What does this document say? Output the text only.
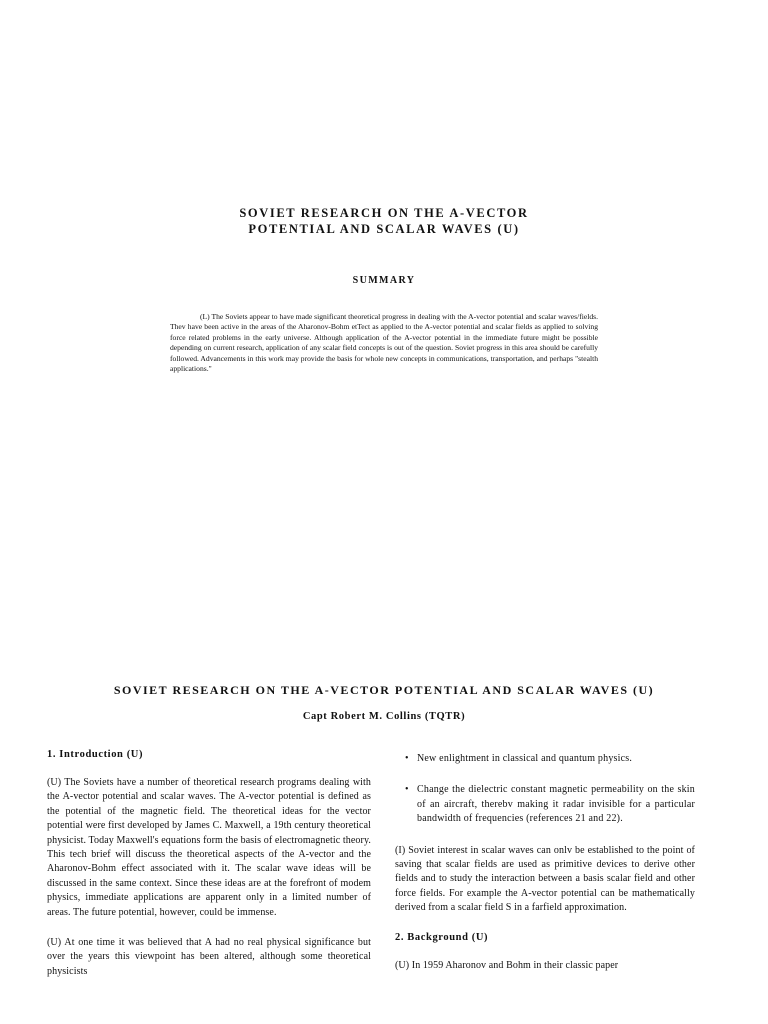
SOVIET RESEARCH ON THE A-VECTOR
POTENTIAL AND SCALAR WAVES (U)
SUMMARY

(L) The Soviets appear to have made significant theoretical progress in dealing with the A-vector potential and scalar waves/fields. Thev have been active in the areas of the Aharonov-Bohm etTect as applied to the A-vector potential and scalar fields as applied to solving force related problems in the early universe. Although application of the A-vector potential in the immediate future might be possible depending on current research, application of any scalar field concepts is out of the question. Soviet progress in this area should be carefully followed. Advancements in this work may provide the basis for whole new concepts in communications, transportation, and perhaps "stealth applications."

SOVIET RESEARCH ON THE A-VECTOR POTENTIAL AND SCALAR WAVES (U)
Capt Robert M. Collins (TQTR)
1. Introduction (U)

(U) The Soviets have a number of theoretical research programs dealing with the A-vector potential and scalar waves. The A-vector potential is defined as the potential of the magnetic field. The theoretical ideas for the vector potential were first developed by James C. Maxwell, a 19th century theoretical physicist. Today Maxwell's equations form the basis of electromagnetic theory. This tech brief will discuss the theoretical aspects of the A-vector and the Aharonov-Bohm effect associated with it. The scalar wave ideas will be discussed in the same context. Since these ideas are at the forefront of modem physics, immediate applications are apparent only in a limited number of areas. The future potential, however, could be immense.

(U) At one time it was believed that A had no real physical significance but over the years this viewpoint has been altered, although some theoretical physicists

• New enlightment in classical and quantum physics.
• Change the dielectric constant magnetic permeability on the skin of an aircraft, therebv making it radar invisible for a particular bandwidth of frequencies (references 21 and 22).

(I) Soviet interest in scalar waves can onlv be established to the point of saving that scalar fields are used as primitive devices to derive other fields and to study the interaction between a basis scalar field and other force fields. For example the A-vector potential can be mathematically derived from a scalar field S in a farfield approximation.

2. Background (U)

(U) In 1959 Aharonov and Bohm in their classic paper
